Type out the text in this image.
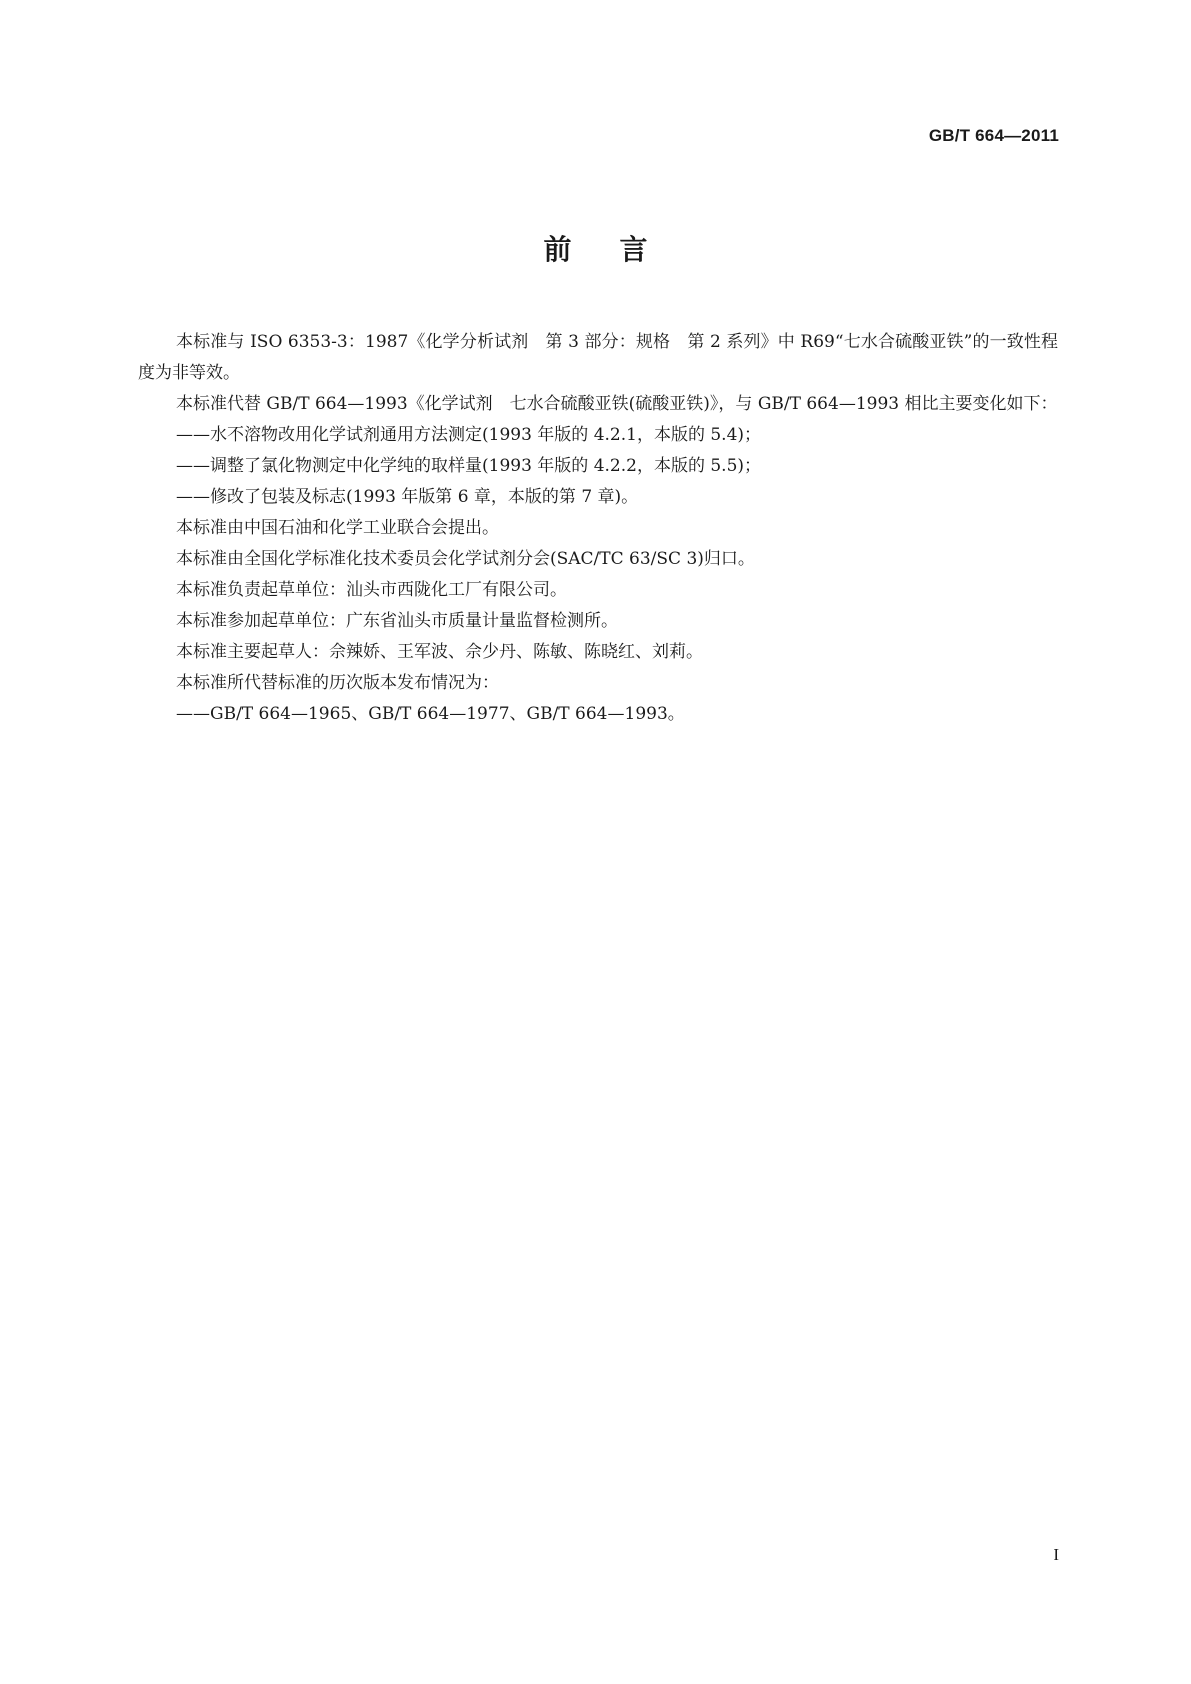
GB/T 664—2011
前言

本标准与 ISO 6353-3：1987《化学分析试剂　第 3 部分：规格　第 2 系列》中 R69“七水合硫酸亚铁”的一致性程度为非等效。

本标准代替 GB/T 664—1993《化学试剂　七水合硫酸亚铁(硫酸亚铁)》，与 GB/T 664—1993 相比主要变化如下：

——水不溶物改用化学试剂通用方法测定(1993 年版的 4.2.1，本版的 5.4)；

——调整了氯化物测定中化学纯的取样量(1993 年版的 4.2.2，本版的 5.5)；

——修改了包装及标志(1993 年版第 6 章，本版的第 7 章)。

本标准由中国石油和化学工业联合会提出。

本标准由全国化学标准化技术委员会化学试剂分会(SAC/TC 63/SC 3)归口。

本标准负责起草单位：汕头市西陇化工厂有限公司。

本标准参加起草单位：广东省汕头市质量计量监督检测所。

本标准主要起草人：佘辣娇、王军波、佘少丹、陈敏、陈晓红、刘莉。

本标准所代替标准的历次版本发布情况为：

——GB/T 664—1965、GB/T 664—1977、GB/T 664—1993。

I
